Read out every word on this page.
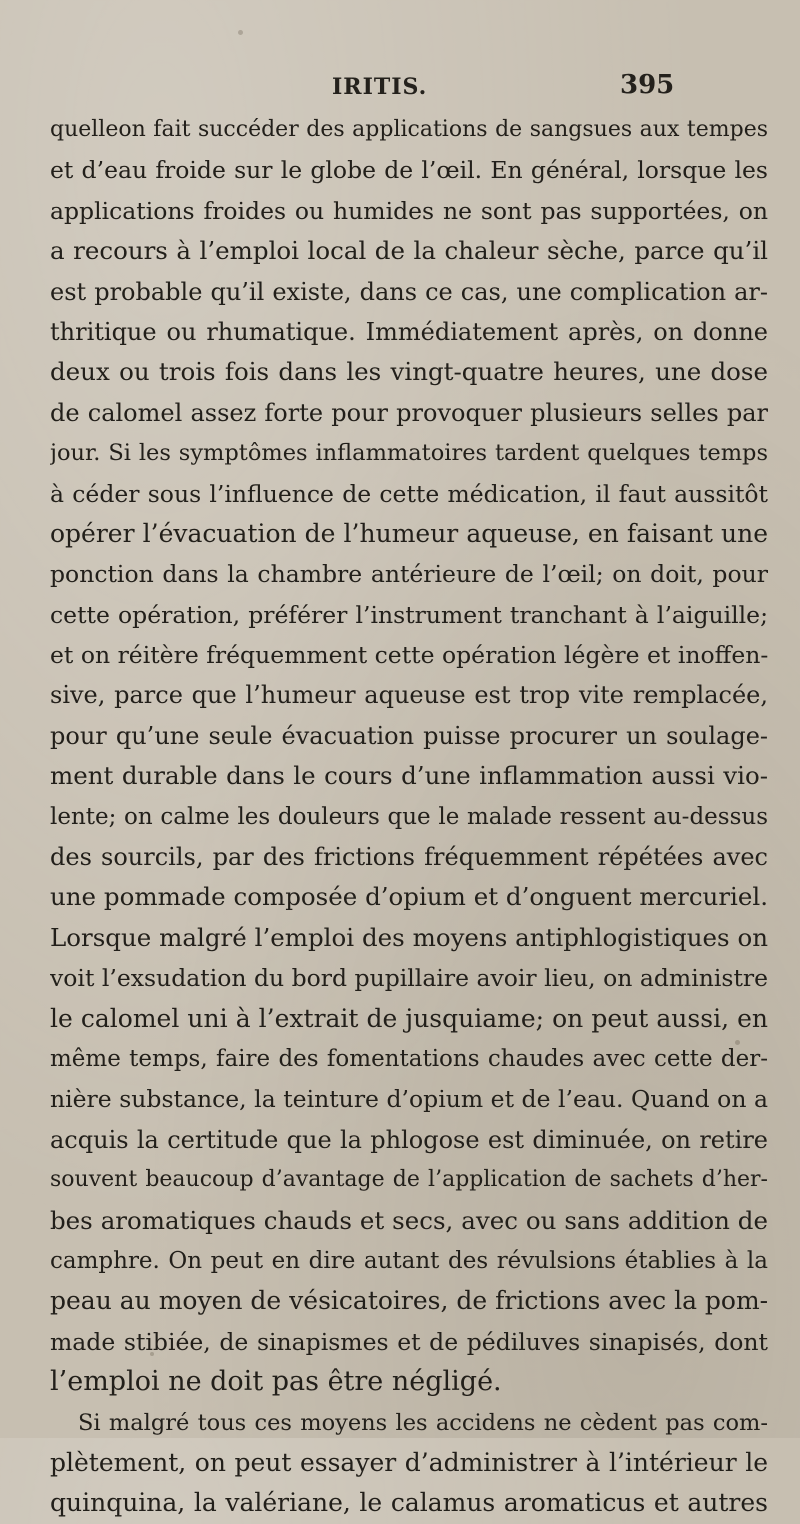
IRITIS.	395
quelleon fait succéder des applications de sangsues aux tempes
et d’eau froide sur le globe de l’œil. En général, lorsque les
applications froides ou humides ne sont pas supportées, on
a recours à l’emploi local de la chaleur sèche, parce qu’il
est probable qu’il existe, dans ce cas, une complication ar-
thritique ou rhumatique. Immédiatement après, on donne
deux ou trois fois dans les vingt-quatre heures, une dose
de calomel assez forte pour provoquer plusieurs selles par
jour. Si les symptômes inflammatoires tardent quelques temps
à céder sous l’influence de cette médication, il faut aussitôt
opérer l’évacuation de l’humeur aqueuse, en faisant une
ponction dans la chambre antérieure de l’œil; on doit, pour
cette opération, préférer l’instrument tranchant à l’aiguille;
et on réitère fréquemment cette opération légère et inoffen-
sive, parce que l’humeur aqueuse est trop vite remplacée,
pour qu’une seule évacuation puisse procurer un soulage-
ment durable dans le cours d’une inflammation aussi vio-
lente; on calme les douleurs que le malade ressent au-dessus
des sourcils, par des frictions fréquemment répétées avec
une pommade composée d’opium et d’onguent mercuriel.
Lorsque malgré l’emploi des moyens antiphlogistiques on
voit l’exsudation du bord pupillaire avoir lieu, on administre
le calomel uni à l’extrait de jusquiame; on peut aussi, en
même temps, faire des fomentations chaudes avec cette der-
nière substance, la teinture d’opium et de l’eau. Quand on a
acquis la certitude que la phlogose est diminuée, on retire
souvent beaucoup d’avantage de l’application de sachets d’her-
bes aromatiques chauds et secs, avec ou sans addition de
camphre. On peut en dire autant des révulsions établies à la
peau au moyen de vésicatoires, de frictions avec la pom-
made stibiée, de sinapismes et de pédiluves sinapisés, dont
l’emploi ne doit pas être négligé.
Si malgré tous ces moyens les accidens ne cèdent pas com-
plètement, on peut essayer d’administrer à l’intérieur le
quinquina, la valériane, le calamus aromaticus et autres
